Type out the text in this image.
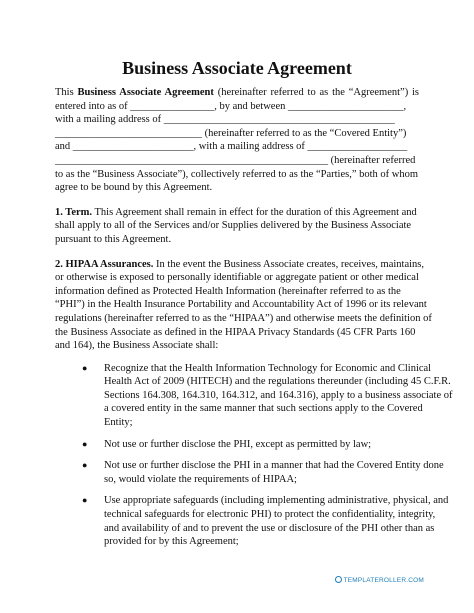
Business Associate Agreement
This Business Associate Agreement (hereinafter referred to as the “Agreement”) is
entered into as of ________________, by and between ______________________,
with a mailing address of ____________________________________________
____________________________ (hereinafter referred to as the “Covered Entity”)
and _______________________, with a mailing address of ___________________
____________________________________________________ (hereinafter referred
to as the “Business Associate”), collectively referred to as the “Parties,” both of whom
agree to be bound by this Agreement.
1. Term. This Agreement shall remain in effect for the duration of this Agreement and
shall apply to all of the Services and/or Supplies delivered by the Business Associate
pursuant to this Agreement.
2. HIPAA Assurances. In the event the Business Associate creates, receives, maintains,
or otherwise is exposed to personally identifiable or aggregate patient or other medical
information defined as Protected Health Information (hereinafter referred to as the
“PHI”) in the Health Insurance Portability and Accountability Act of 1996 or its relevant
regulations (hereinafter referred to as the “HIPAA”) and otherwise meets the definition of
the Business Associate as defined in the HIPAA Privacy Standards (45 CFR Parts 160
and 164), the Business Associate shall:
● Recognize that the Health Information Technology for Economic and Clinical
Health Act of 2009 (HITECH) and the regulations thereunder (including 45 C.F.R.
Sections 164.308, 164.310, 164.312, and 164.316), apply to a business associate of
a covered entity in the same manner that such sections apply to the Covered
Entity;
● Not use or further disclose the PHI, except as permitted by law;
● Not use or further disclose the PHI in a manner that had the Covered Entity done
so, would violate the requirements of HIPAA;
● Use appropriate safeguards (including implementing administrative, physical, and
technical safeguards for electronic PHI) to protect the confidentiality, integrity,
and availability of and to prevent the use or disclosure of the PHI other than as
provided for by this Agreement;
TEMPLATEROLLER.COM
